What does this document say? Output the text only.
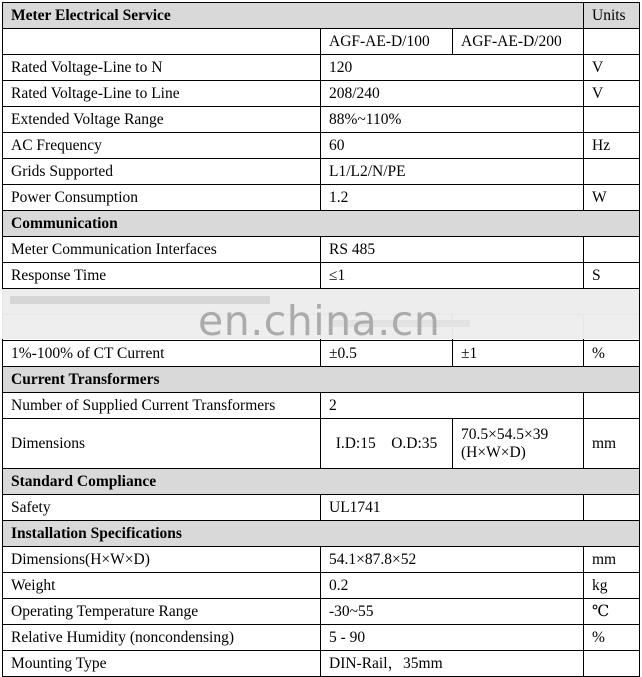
Meter Electrical Service			Units
	AGF-AE-D/100	AGF-AE-D/200	
Rated Voltage-Line to N	120		V
Rated Voltage-Line to Line	208/240		V
Extended Voltage Range	88%~110%		
AC Frequency	60		Hz
Grids Supported	L1/L2/N/PE		
Power Consumption	1.2		W
Communication			
Meter Communication Interfaces	RS 485		
Response Time	≤1		S

1%-100% of CT Current	±0.5	±1	%
Current Transformers			
Number of Supplied Current Transformers	2		
Dimensions	I.D:15　O.D:35	70.5×54.5×39 (H×W×D)	mm
Standard Compliance			
Safety	UL1741		
Installation Specifications			
Dimensions(H×W×D)	54.1×87.8×52		mm
Weight	0.2		kg
Operating Temperature Range	-30~55		℃
Relative Humidity (noncondensing)	5 - 90		%
Mounting Type	DIN-Rail，35mm		
en.china.cn
